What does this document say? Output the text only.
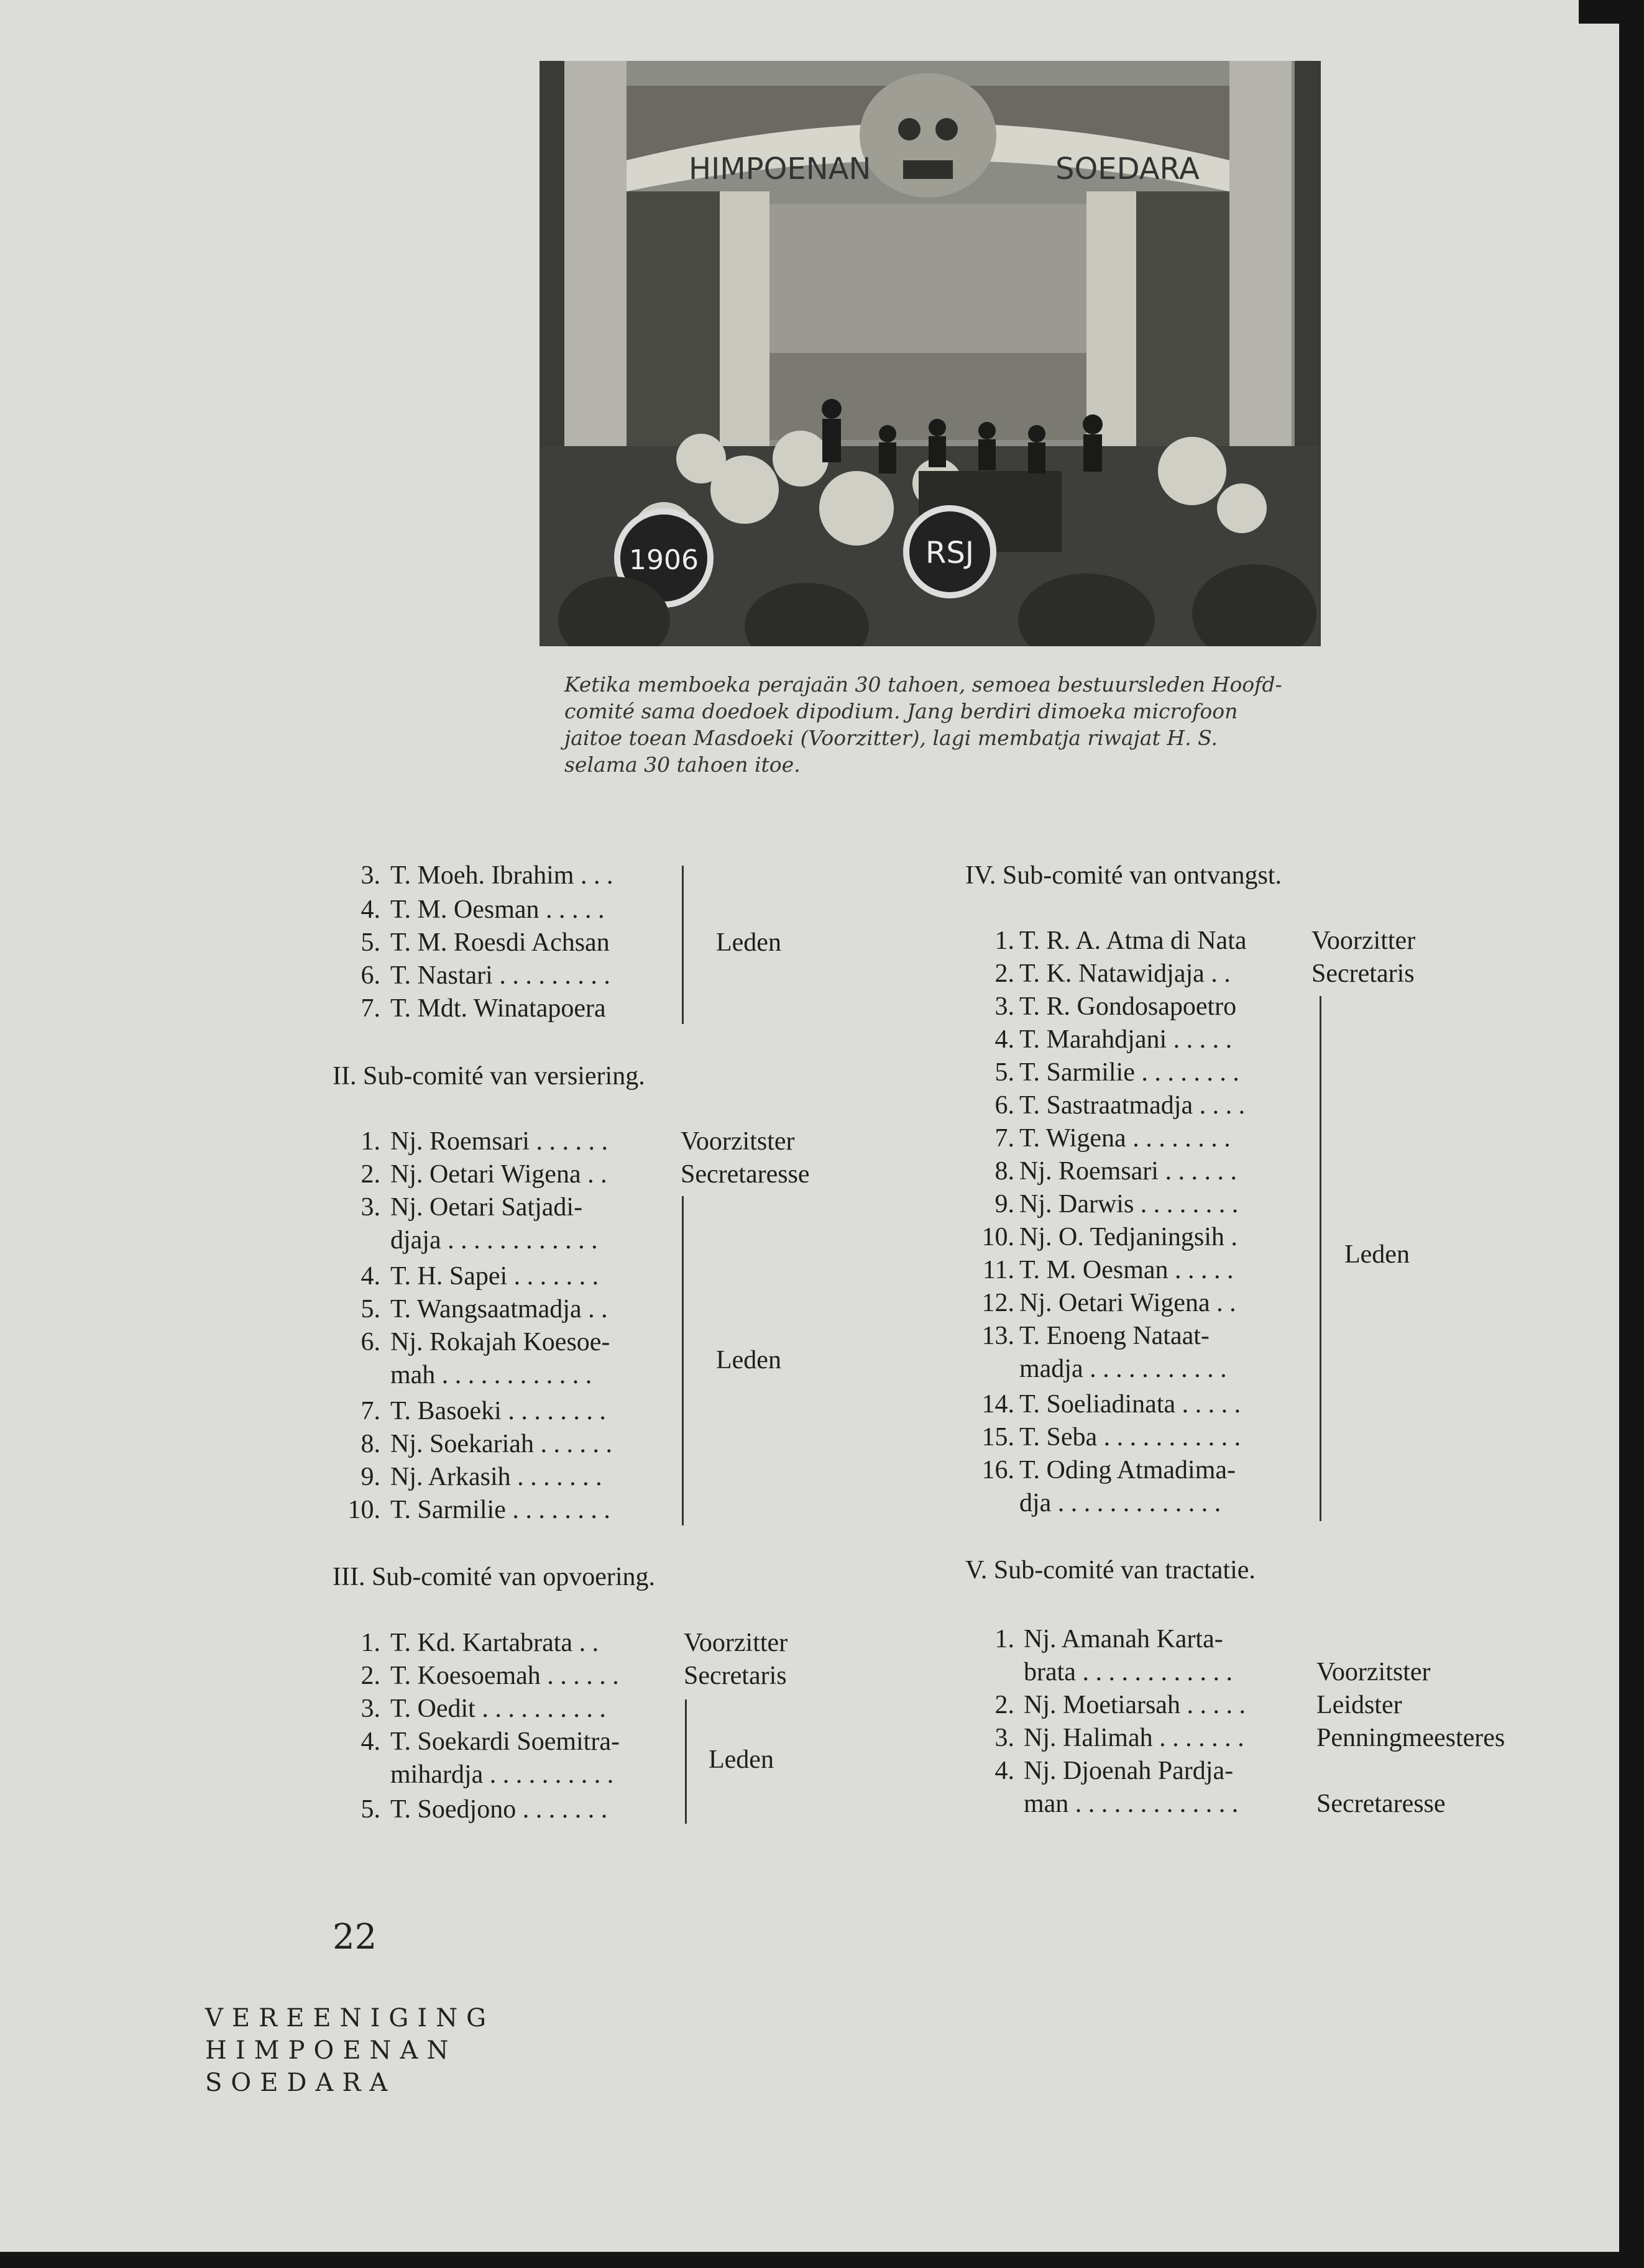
1906	RSJ
HIMPOENAN	SOEDARA
Ketika memboeka perajaän 30 tahoen, semoea bestuursleden Hoofd-
comité sama doedoek dipodium. Jang berdiri dimoeka microfoon
jaitoe toean Masdoeki (Voorzitter), lagi membatja riwajat H. S.
selama 30 tahoen itoe.
3. T. Moeh. Ibrahim . . .
4. T. M. Oesman . . . . .
5. T. M. Roesdi Achsan
6. T. Nastari . . . . . . . . .
7. T. Mdt. Winatapoera
Leden
II. Sub-comité van versiering.
1. Nj. Roemsari . . . . . .	Voorzitster
2. Nj. Oetari Wigena . .	Secretaresse
3. Nj. Oetari Satjadi-
djaja . . . . . . . . . . . .
4. T. H. Sapei . . . . . . .
5. T. Wangsaatmadja . .
6. Nj. Rokajah Koesoe-
mah . . . . . . . . . . . .
7. T. Basoeki . . . . . . . .
8. Nj. Soekariah . . . . . .
9. Nj. Arkasih . . . . . . .
10. T. Sarmilie . . . . . . . .
Leden
III. Sub-comité van opvoering.
1. T. Kd. Kartabrata . .	Voorzitter
2. T. Koesoemah . . . . . . Secretaris
3. T. Oedit . . . . . . . . . .
4. T. Soekardi Soemitra-
mihardja . . . . . . . . . .
5. T. Soedjono . . . . . . .
Leden
IV. Sub-comité van ontvangst.
1. T. R. A. Atma di Nata Voorzitter
2. T. K. Natawidjaja . .	Secretaris
3. T. R. Gondosapoetro
4. T. Marahdjani . . . . .
5. T. Sarmilie . . . . . . . .
6. T. Sastraatmadja . . . .
7. T. Wigena . . . . . . . .
8. Nj. Roemsari . . . . . .
9. Nj. Darwis . . . . . . . .
10. Nj. O. Tedjaningsih .
11. T. M. Oesman . . . . .
12. Nj. Oetari Wigena . .
13. T. Enoeng Nataat-
madja . . . . . . . . . . .
14. T. Soeliadinata . . . . .
15. T. Seba . . . . . . . . . . .
16. T. Oding Atmadima-
dja . . . . . . . . . . . . .
Leden
V. Sub-comité van tractatie.
1. Nj. Amanah Karta-
brata . . . . . . . . . . . .	Voorzitster
2. Nj. Moetiarsah . . . . .	Leidster
3. Nj. Halimah . . . . . . .	Penningmeesteres
4. Nj. Djoenah Pardja-
man . . . . . . . . . . . . .	Secretaresse
22
VEREENIGING
HIMPOENAN
SOEDARA
